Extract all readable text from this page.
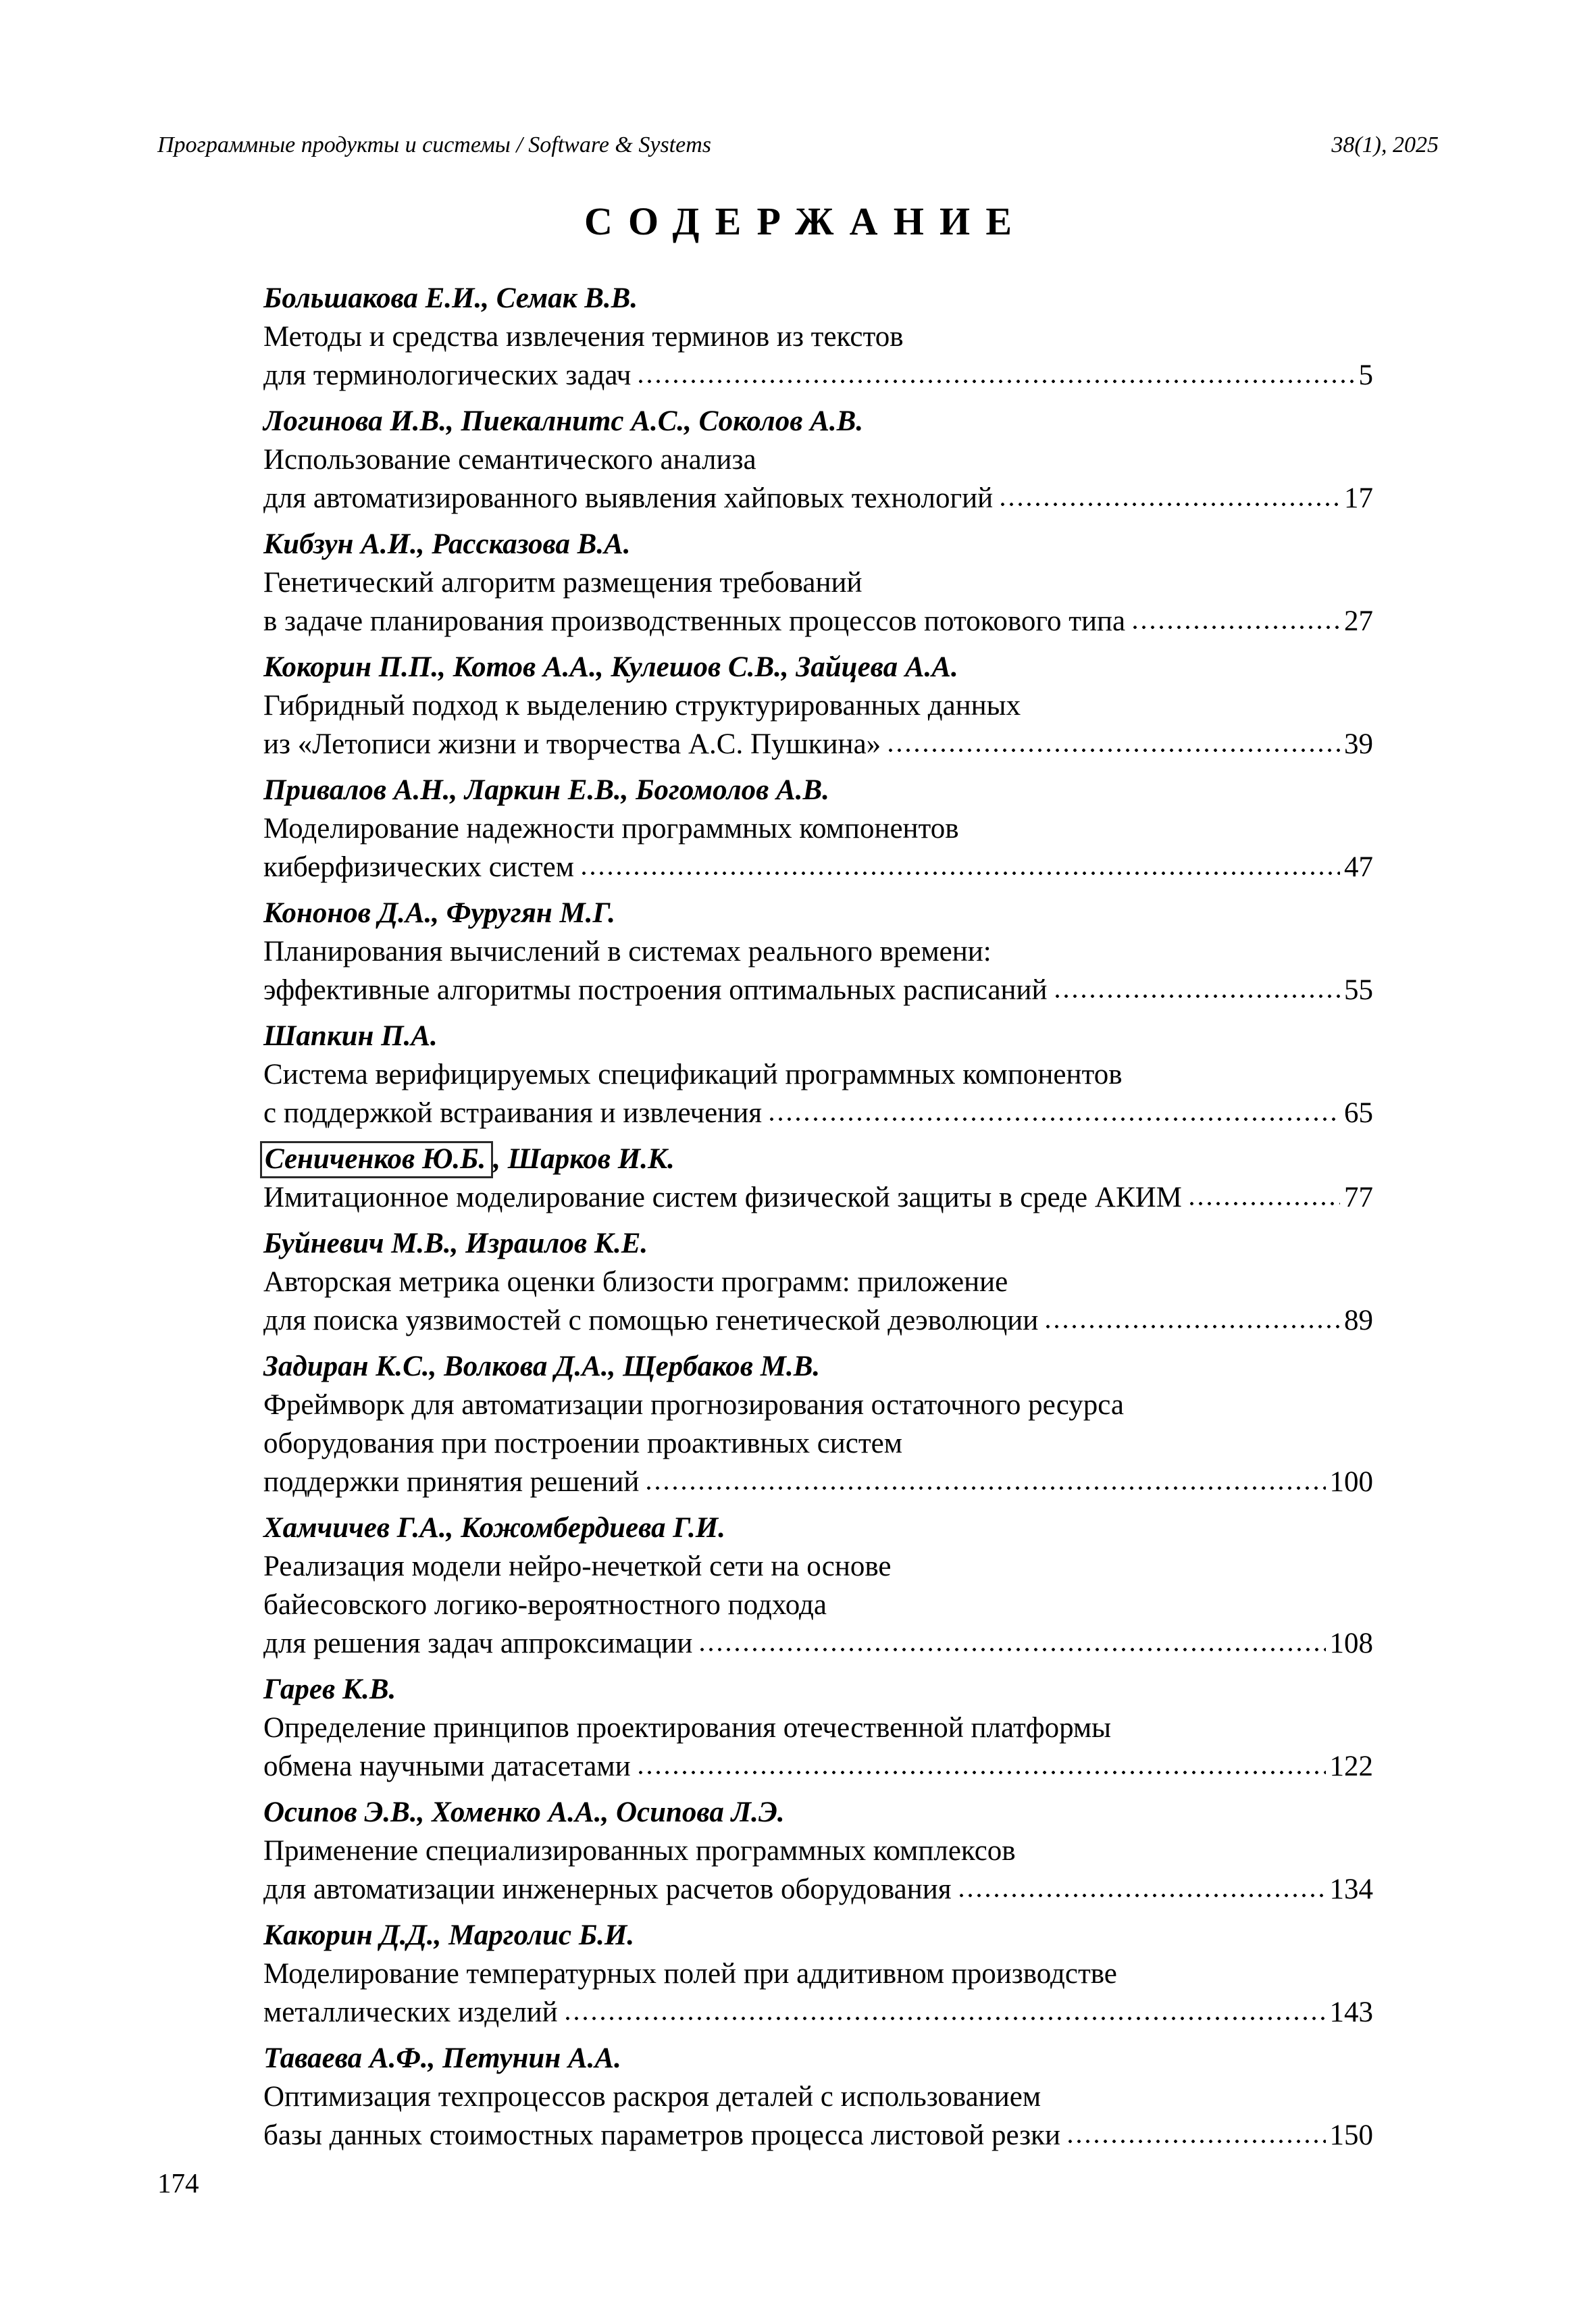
Программные продукты и системы / Software & Systems	38(1), 2025
СОДЕРЖАНИЕ
Большакова Е.И., Семак В.В.
Методы и средства извлечения терминов из текстов
для терминологических задач	5
Логинова И.В., Пиекалнитс А.С., Соколов А.В.
Использование семантического анализа
для автоматизированного выявления хайповых технологий	17
Кибзун А.И., Рассказова В.А.
Генетический алгоритм размещения требований
в задаче планирования производственных процессов потокового типа	27
Кокорин П.П., Котов А.А., Кулешов С.В., Зайцева А.А.
Гибридный подход к выделению структурированных данных
из «Летописи жизни и творчества А.С. Пушкина»	39
Привалов А.Н., Ларкин Е.В., Богомолов А.В.
Моделирование надежности программных компонентов
киберфизических систем	47
Кононов Д.А., Фуругян М.Г.
Планирования вычислений в системах реального времени:
эффективные алгоритмы построения оптимальных расписаний	55
Шапкин П.А.
Система верифицируемых спецификаций программных компонентов
с поддержкой встраивания и извлечения	65
Сениченков Ю.Б. , Шарков И.К.
Имитационное моделирование систем физической защиты в среде АКИМ	77
Буйневич М.В., Израилов К.Е.
Авторская метрика оценки близости программ: приложение
для поиска уязвимостей с помощью генетической деэволюции	89
Задиран К.С., Волкова Д.А., Щербаков М.В.
Фреймворк для автоматизации прогнозирования остаточного ресурса
оборудования при построении проактивных систем
поддержки принятия решений	100
Хамчичев Г.А., Кожомбердиева Г.И.
Реализация модели нейро-нечеткой сети на основе
байесовского логико-вероятностного подхода
для решения задач аппроксимации	108
Гарев К.В.
Определение принципов проектирования отечественной платформы
обмена научными датасетами	122
Осипов Э.В., Хоменко А.А., Осипова Л.Э.
Применение специализированных программных комплексов
для автоматизации инженерных расчетов оборудования	134
Какорин Д.Д., Марголис Б.И.
Моделирование температурных полей при аддитивном производстве
металлических изделий	143
Таваева А.Ф., Петунин А.А.
Оптимизация техпроцессов раскроя деталей с использованием
базы данных стоимостных параметров процесса листовой резки	150
174
